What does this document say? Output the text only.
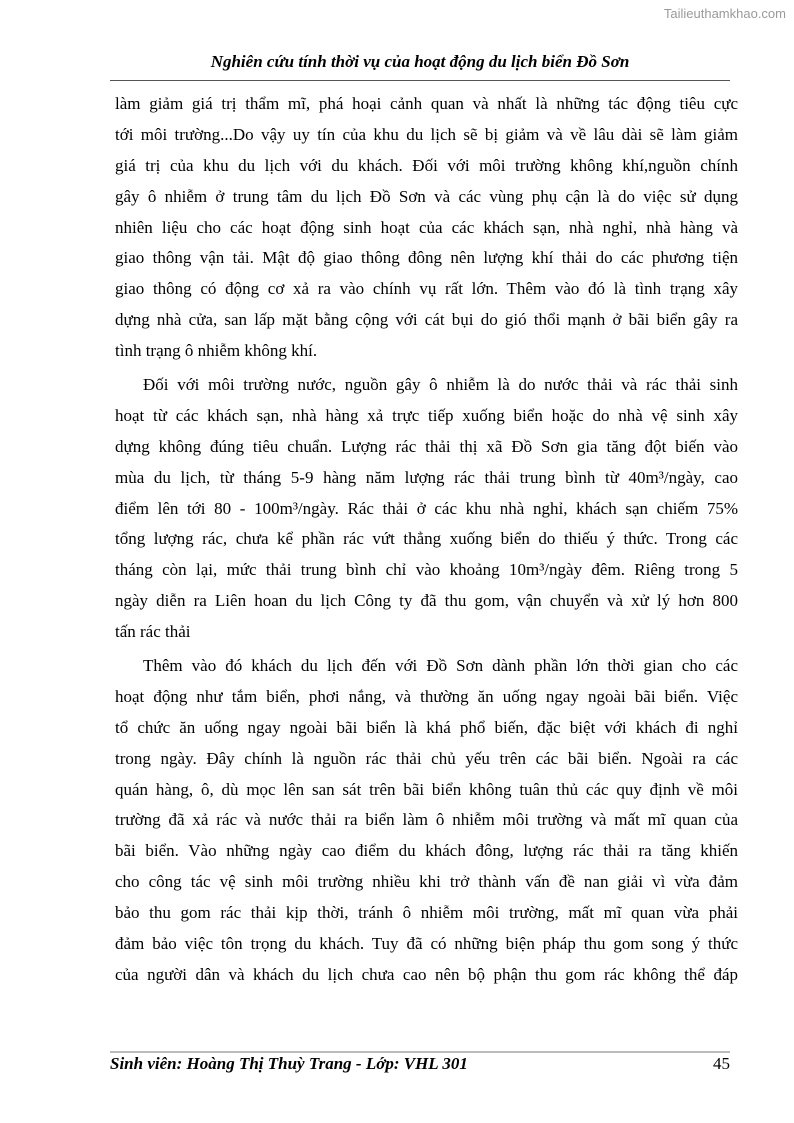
Tailieuthamkhao.com
Nghiên cứu tính thời vụ của hoạt động du lịch biển Đồ Sơn
làm giảm giá trị thẩm mĩ, phá hoại cảnh quan và nhất là những tác động tiêu cực
tới môi trường...Do vậy uy tín của khu du lịch sẽ bị giảm và về lâu dài sẽ làm giảm
giá trị của khu du lịch với du khách. Đối với môi trường không khí,nguồn chính
gây ô nhiễm ở trung tâm du lịch Đồ Sơn và các vùng phụ cận là do việc sử dụng
nhiên liệu cho các hoạt động sinh hoạt của các khách sạn, nhà nghỉ, nhà hàng và
giao thông vận tải. Mật độ giao thông đông nên lượng khí thải do các phương tiện
giao thông có động cơ xả ra vào chính vụ rất lớn. Thêm vào đó là tình trạng xây
dựng nhà cửa, san lấp mặt bằng cộng với cát bụi do gió thổi mạnh ở bãi biển gây ra
tình trạng ô nhiễm không khí.
Đối với môi trường nước, nguồn gây ô nhiễm là do nước thải và rác thải sinh
hoạt từ các khách sạn, nhà hàng xả trực tiếp xuống biển hoặc do nhà vệ sinh xây
dựng không đúng tiêu chuẩn. Lượng rác thải thị xã Đồ Sơn gia tăng đột biến vào
mùa du lịch, từ tháng 5-9 hàng năm lượng rác thải trung bình từ 40m³/ngày, cao
điểm lên tới 80 - 100m³/ngày. Rác thải ở các khu nhà nghỉ, khách sạn chiếm 75%
tổng lượng rác, chưa kể phần rác vứt thẳng xuống biển do thiếu ý thức. Trong các
tháng còn lại, mức thải trung bình chỉ vào khoảng 10m³/ngày đêm. Riêng trong 5
ngày diễn ra Liên hoan du lịch Công ty đã thu gom, vận chuyển và xử lý hơn 800
tấn rác thải
Thêm vào đó khách du lịch đến với Đồ Sơn dành phần lớn thời gian cho các
hoạt động như tắm biển, phơi nắng, và thường ăn uống ngay ngoài bãi biển. Việc
tổ chức ăn uống ngay ngoài bãi biển là khá phổ biến, đặc biệt với khách đi nghỉ
trong ngày. Đây chính là nguồn rác thải chủ yếu trên các bãi biển. Ngoài ra các
quán hàng, ô, dù mọc lên san sát trên bãi biển không tuân thủ các quy định về môi
trường đã xả rác và nước thải ra biển làm ô nhiễm môi trường và mất mĩ quan của
bãi biển. Vào những ngày cao điểm du khách đông, lượng rác thải ra tăng khiến
cho công tác vệ sinh môi trường nhiều khi trở thành vấn đề nan giải vì vừa đảm
bảo thu gom rác thải kịp thời, tránh ô nhiễm môi trường, mất mĩ quan vừa phải
đảm bảo việc tôn trọng du khách. Tuy đã có những biện pháp thu gom song ý thức
của người dân và khách du lịch chưa cao nên bộ phận thu gom rác không thể đáp
Sinh viên: Hoàng Thị Thuỳ Trang - Lớp: VHL 301	45
